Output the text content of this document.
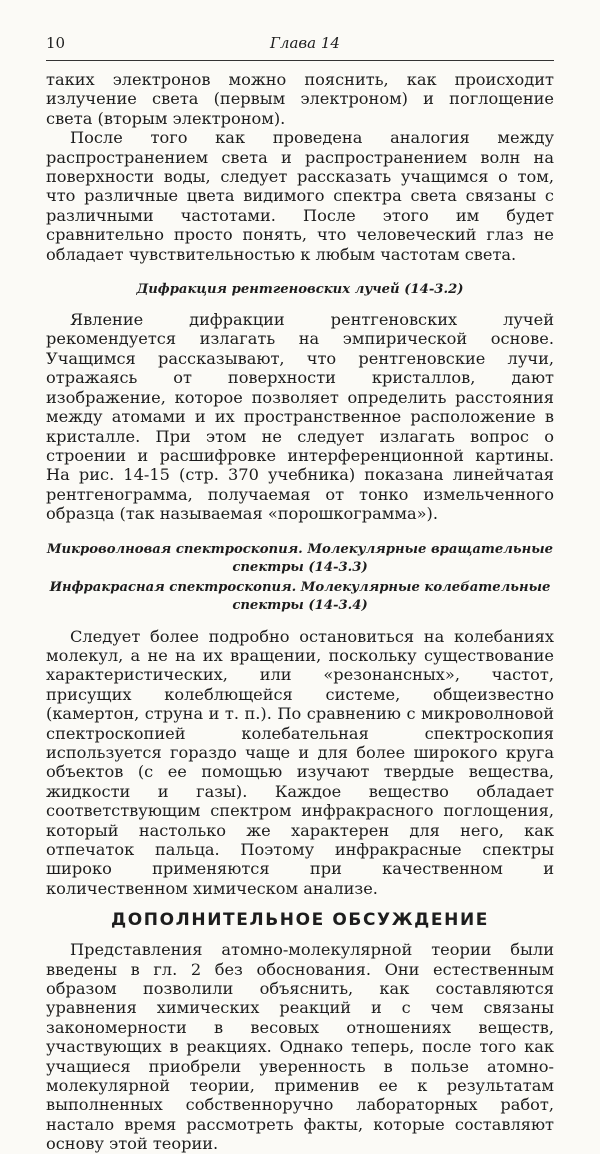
10	Глава 14

таких электронов можно пояснить, как происходит излучение света (первым электроном) и поглощение света (вторым электроном).

После того как проведена аналогия между распространением света и распространением волн на поверхности воды, следует рассказать учащимся о том, что различные цвета видимого спектра света связаны с различными частотами. После этого им будет сравнительно просто понять, что человеческий глаз не обладает чувствительностью к любым частотам света.

Дифракция рентгеновских лучей (14-3.2)

Явление дифракции рентгеновских лучей рекомендуется излагать на эмпирической основе. Учащимся рассказывают, что рентгеновские лучи, отражаясь от поверхности кристаллов, дают изображение, которое позволяет определить расстояния между атомами и их пространственное расположение в кристалле. При этом не следует излагать вопрос о строении и расшифровке интерференционной картины. На рис. 14-15 (стр. 370 учебника) показана линейчатая рентгенограмма, получаемая от тонко измельченного образца (так называемая «порошкограмма»).

Микроволновая спектроскопия. Молекулярные вращательные спектры (14-3.3)
Инфракрасная спектроскопия. Молекулярные колебательные спектры (14-3.4)

Следует более подробно остановиться на колебаниях молекул, а не на их вращении, поскольку существование характеристических, или «резонансных», частот, присущих колеблющейся системе, общеизвестно (камертон, струна и т. п.). По сравнению с микроволновой спектроскопией колебательная спектроскопия используется гораздо чаще и для более широкого круга объектов (с ее помощью изучают твердые вещества, жидкости и газы). Каждое вещество обладает соответствующим спектром инфракрасного поглощения, который настолько же характерен для него, как отпечаток пальца. Поэтому инфракрасные спектры широко применяются при качественном и количественном химическом анализе.

ДОПОЛНИТЕЛЬНОЕ ОБСУЖДЕНИЕ

Представления атомно-молекулярной теории были введены в гл. 2 без обоснования. Они естественным образом позволили объяснить, как составляются уравнения химических реакций и с чем связаны закономерности в весовых отношениях веществ, участвующих в реакциях. Однако теперь, после того как учащиеся приобрели уверенность в пользе атомно-молекулярной теории, применив ее к результатам выполненных собственноручно лабораторных работ, настало время рассмотреть факты, которые составляют основу этой теории.
